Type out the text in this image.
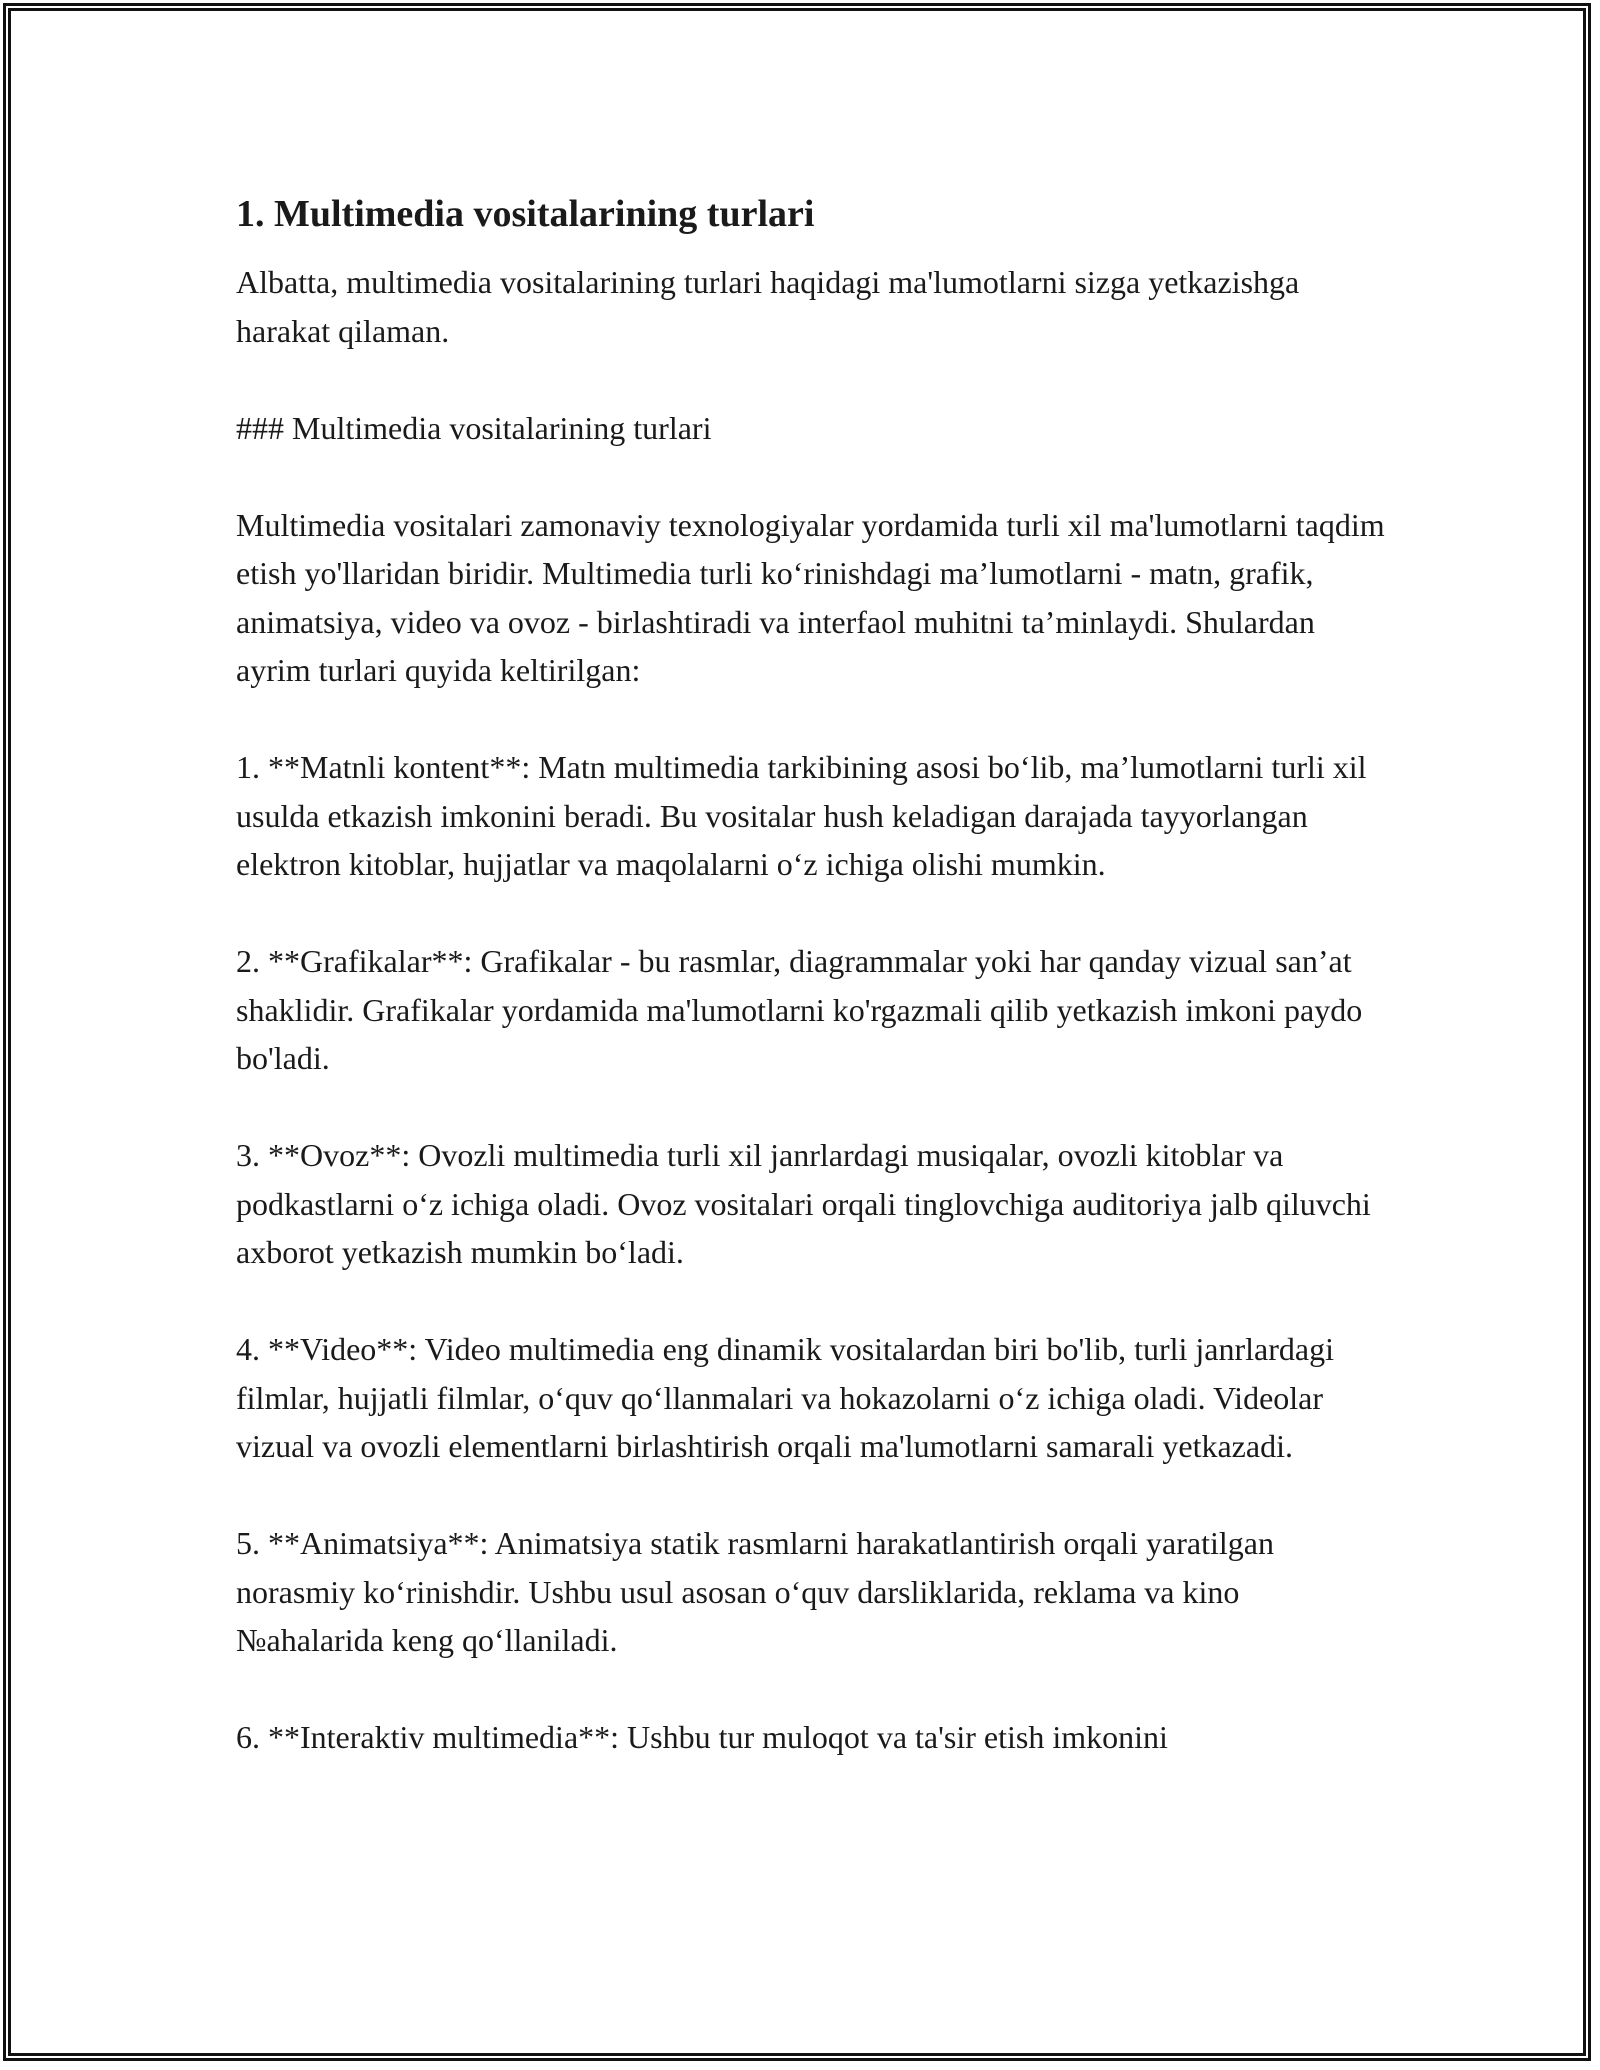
1. Multimedia vositalarining turlari

Albatta, multimedia vositalarining turlari haqidagi ma'lumotlarni sizga yetkazishga harakat qilaman.

### Multimedia vositalarining turlari

Multimedia vositalari zamonaviy texnologiyalar yordamida turli xil ma'lumotlarni taqdim etish yo'llaridan biridir. Multimedia turli koʻrinishdagi maʼlumotlarni - matn, grafik, animatsiya, video va ovoz - birlashtiradi va interfaol muhitni taʼminlaydi. Shulardan ayrim turlari quyida keltirilgan:

1. **Matnli kontent**: Matn multimedia tarkibining asosi boʻlib, maʼlumotlarni turli xil usulda etkazish imkonini beradi. Bu vositalar hush keladigan darajada tayyorlangan elektron kitoblar, hujjatlar va maqolalarni oʻz ichiga olishi mumkin.

2. **Grafikalar**: Grafikalar - bu rasmlar, diagrammalar yoki har qanday vizual sanʼat shaklidir. Grafikalar yordamida ma'lumotlarni ko'rgazmali qilib yetkazish imkoni paydo bo'ladi.

3. **Ovoz**: Ovozli multimedia turli xil janrlardagi musiqalar, ovozli kitoblar va podkastlarni oʻz ichiga oladi. Ovoz vositalari orqali tinglovchiga auditoriya jalb qiluvchi axborot yetkazish mumkin boʻladi.

4. **Video**: Video multimedia eng dinamik vositalardan biri bo'lib, turli janrlardagi filmlar, hujjatli filmlar, oʻquv qoʻllanmalari va hokazolarni oʻz ichiga oladi. Videolar vizual va ovozli elementlarni birlashtirish orqali ma'lumotlarni samarali yetkazadi.

5. **Animatsiya**: Animatsiya statik rasmlarni harakatlantirish orqali yaratilgan norasmiy koʻrinishdir. Ushbu usul asosan oʻquv darsliklarida, reklama va kino №ahalarida keng qoʻllaniladi.

6. **Interaktiv multimedia**: Ushbu tur muloqot va ta'sir etish imkonini
